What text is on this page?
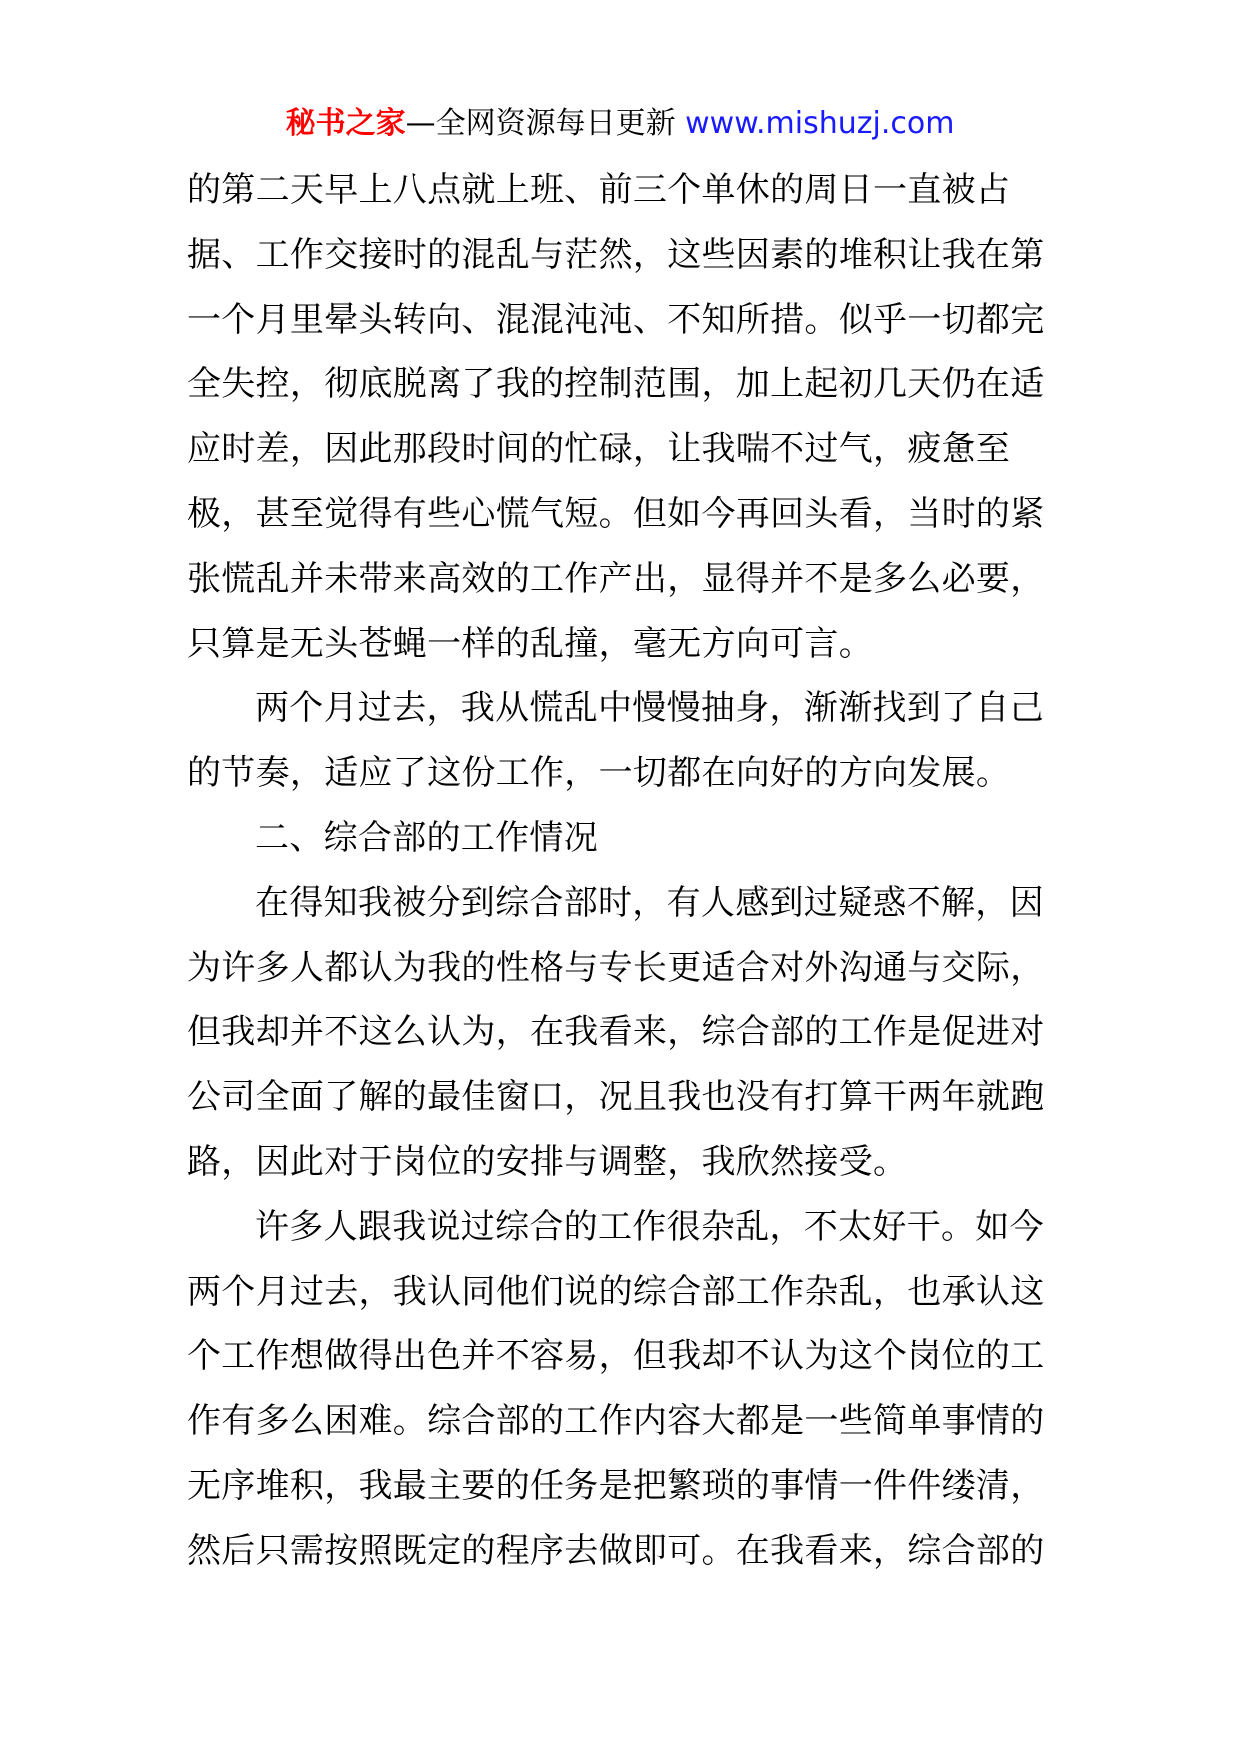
秘书之家—全网资源每日更新 www.mishuzj.com
的第二天早上八点就上班、前三个单休的周日一直被占
据、工作交接时的混乱与茫然，这些因素的堆积让我在第
一个月里晕头转向、混混沌沌、不知所措。似乎一切都完
全失控，彻底脱离了我的控制范围，加上起初几天仍在适
应时差，因此那段时间的忙碌，让我喘不过气，疲惫至
极，甚至觉得有些心慌气短。但如今再回头看，当时的紧
张慌乱并未带来高效的工作产出，显得并不是多么必要，
只算是无头苍蝇一样的乱撞，毫无方向可言。
两个月过去，我从慌乱中慢慢抽身，渐渐找到了自己
的节奏，适应了这份工作，一切都在向好的方向发展。
二、综合部的工作情况
在得知我被分到综合部时，有人感到过疑惑不解，因
为许多人都认为我的性格与专长更适合对外沟通与交际，
但我却并不这么认为，在我看来，综合部的工作是促进对
公司全面了解的最佳窗口，况且我也没有打算干两年就跑
路，因此对于岗位的安排与调整，我欣然接受。
许多人跟我说过综合的工作很杂乱，不太好干。如今
两个月过去，我认同他们说的综合部工作杂乱，也承认这
个工作想做得出色并不容易，但我却不认为这个岗位的工
作有多么困难。综合部的工作内容大都是一些简单事情的
无序堆积，我最主要的任务是把繁琐的事情一件件缕清，
然后只需按照既定的程序去做即可。在我看来，综合部的
